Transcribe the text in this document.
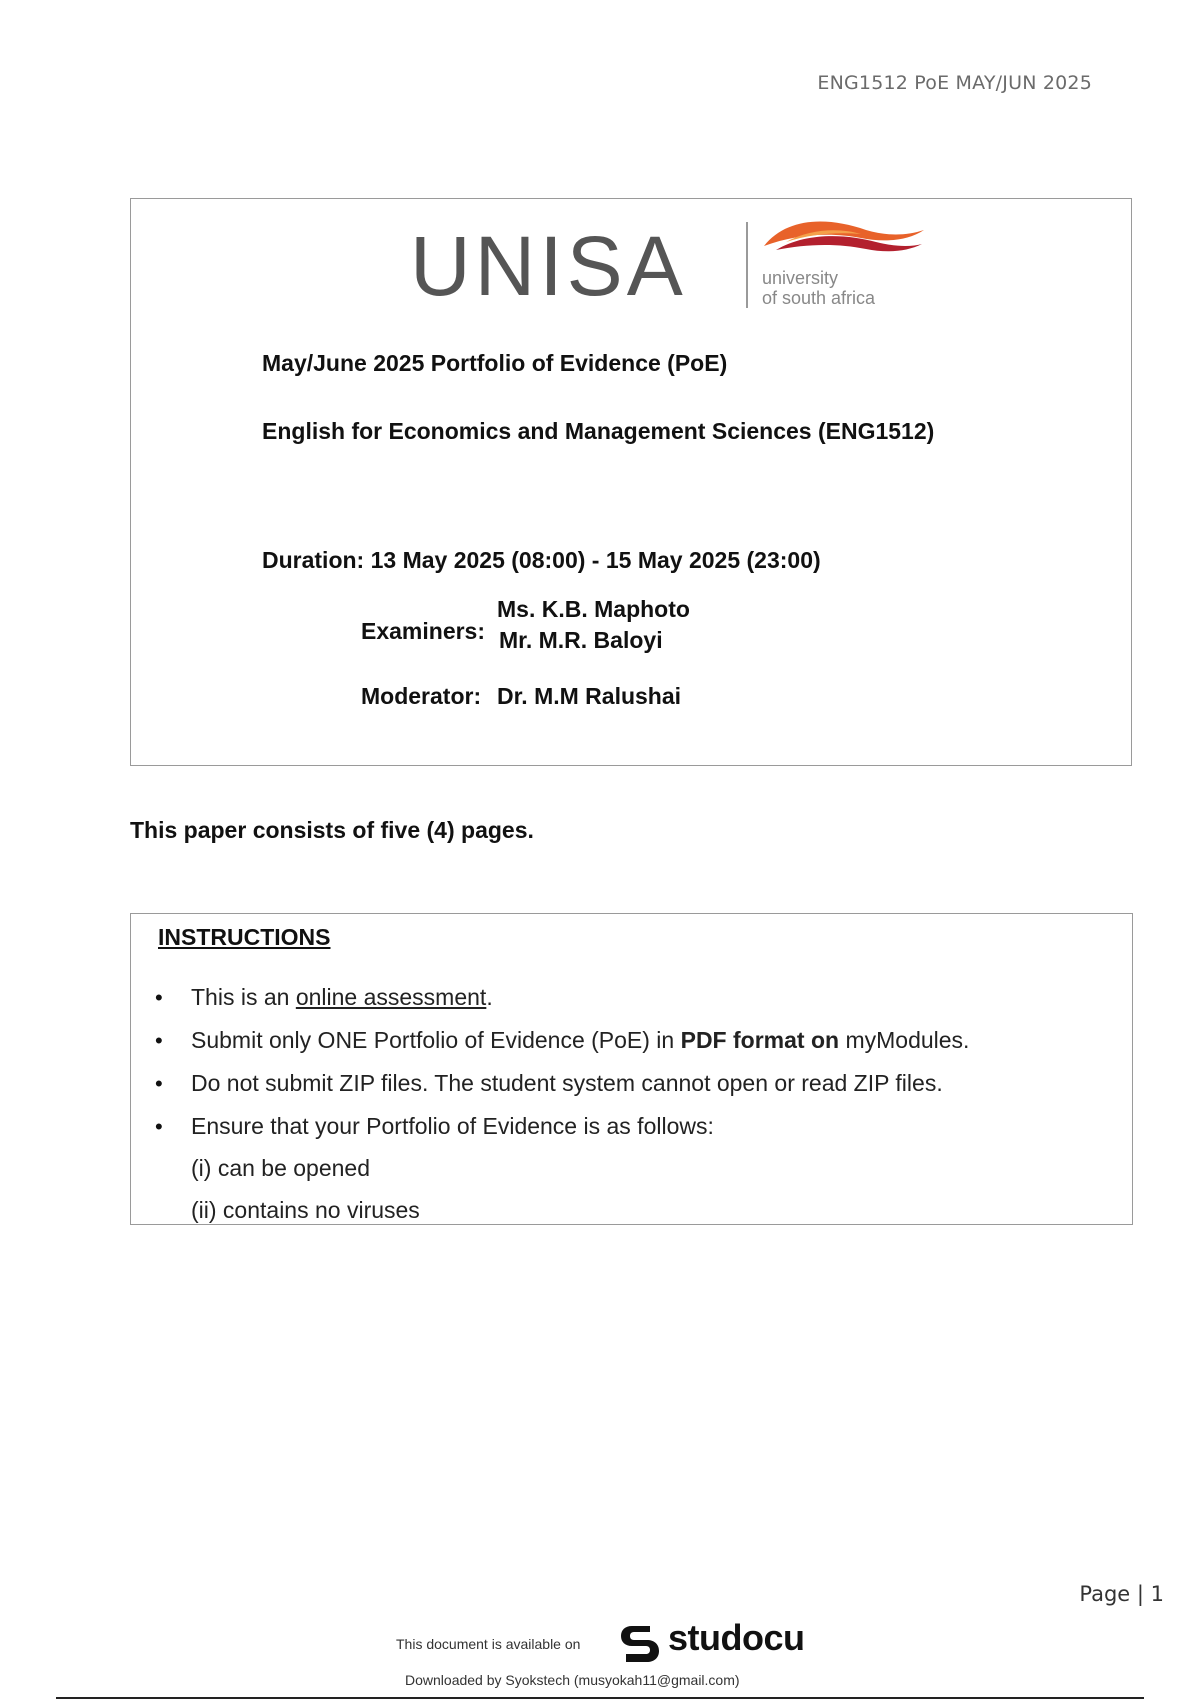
ENG1512 PoE MAY/JUN 2025
UNISA	university
of south africa
May/June 2025 Portfolio of Evidence (PoE)
English for Economics and Management Sciences (ENG1512)
Duration: 13 May 2025 (08:00) - 15 May 2025 (23:00)
Examiners:
Ms. K.B. Maphoto
Mr. M.R. Baloyi
Moderator: Dr. M.M Ralushai
This paper consists of five (4) pages.
INSTRUCTIONS
• This is an online assessment.
• Submit only ONE Portfolio of Evidence (PoE) in PDF format on myModules.
• Do not submit ZIP files. The student system cannot open or read ZIP files.
• Ensure that your Portfolio of Evidence is as follows:
(i) can be opened
(ii) contains no viruses
Page | 1
This document is available on studocu
Downloaded by Syokstech (musyokah11@gmail.com)
